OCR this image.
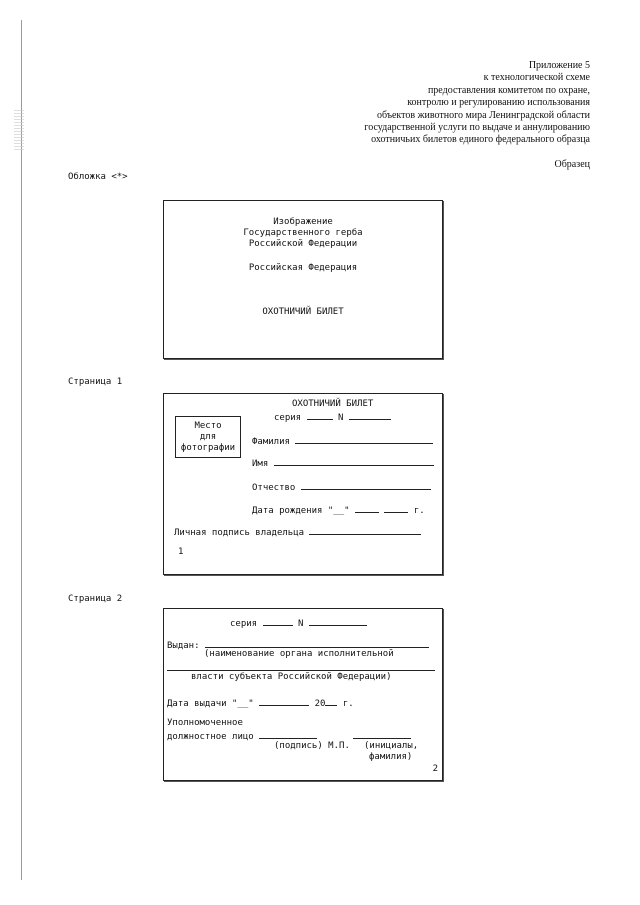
Приложение 5
к технологической схеме
предоставления комитетом по охране,
контролю и регулированию использования
объектов животного мира Ленинградской области
государственной услуги по выдаче и аннулированию
охотничьих билетов единого федерального образца
Образец
Обложка <*>
Изображение
Государственного герба
Российской Федерации
Российская Федерация
ОХОТНИЧИЙ БИЛЕТ
Страница 1
ОХОТНИЧИЙ БИЛЕТ
серия	N
Место
для
фотографии
Фамилия
Имя
Отчество
Дата рождения "__"	г.
Личная подпись владельца
1
Страница 2
серия	N
Выдан:
(наименование органа исполнительной
власти субъекта Российской Федерации)
Дата выдачи "__"	20 г.
Уполномоченное
должностное лицо
(подпись) М.П. (инициалы,
фамилия)
2
